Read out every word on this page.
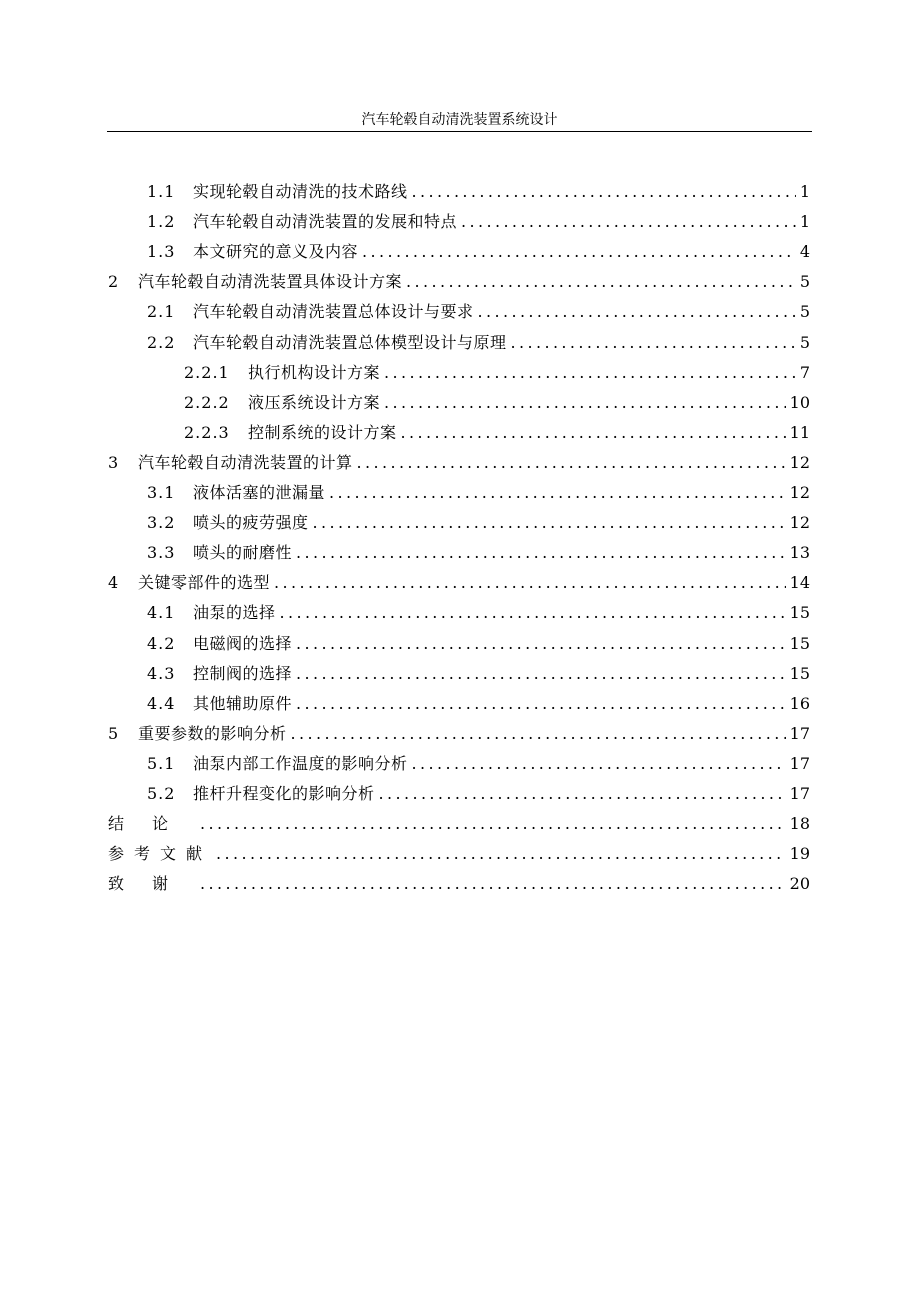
汽车轮毂自动清洗装置系统设计
1.1	实现轮毂自动清洗的技术路线 .....	1
1.2	汽车轮毂自动清洗装置的发展和特点 .....	1
1.3	本文研究的意义及内容 .....	4
2	汽车轮毂自动清洗装置具体设计方案 .....	5
2.1	汽车轮毂自动清洗装置总体设计与要求 .....	5
2.2	汽车轮毂自动清洗装置总体模型设计与原理 .....	5
2.2.1	执行机构设计方案 .....	7
2.2.2	液压系统设计方案 .....	10
2.2.3	控制系统的设计方案 .....	11
3	汽车轮毂自动清洗装置的计算 .....	12
3.1	液体活塞的泄漏量 .....	12
3.2	喷头的疲劳强度 .....	12
3.3	喷头的耐磨性 .....	13
4	关键零部件的选型 .....	14
4.1	油泵的选择 .....	15
4.2	电磁阀的选择 .....	15
4.3	控制阀的选择 .....	15
4.4	其他辅助原件 .....	16
5	重要参数的影响分析 .....	17
5.1	油泵内部工作温度的影响分析 .....	17
5.2	推杆升程变化的影响分析 .....	17
结论 .....	18
参考文献 .....	19
致谢 .....	20
